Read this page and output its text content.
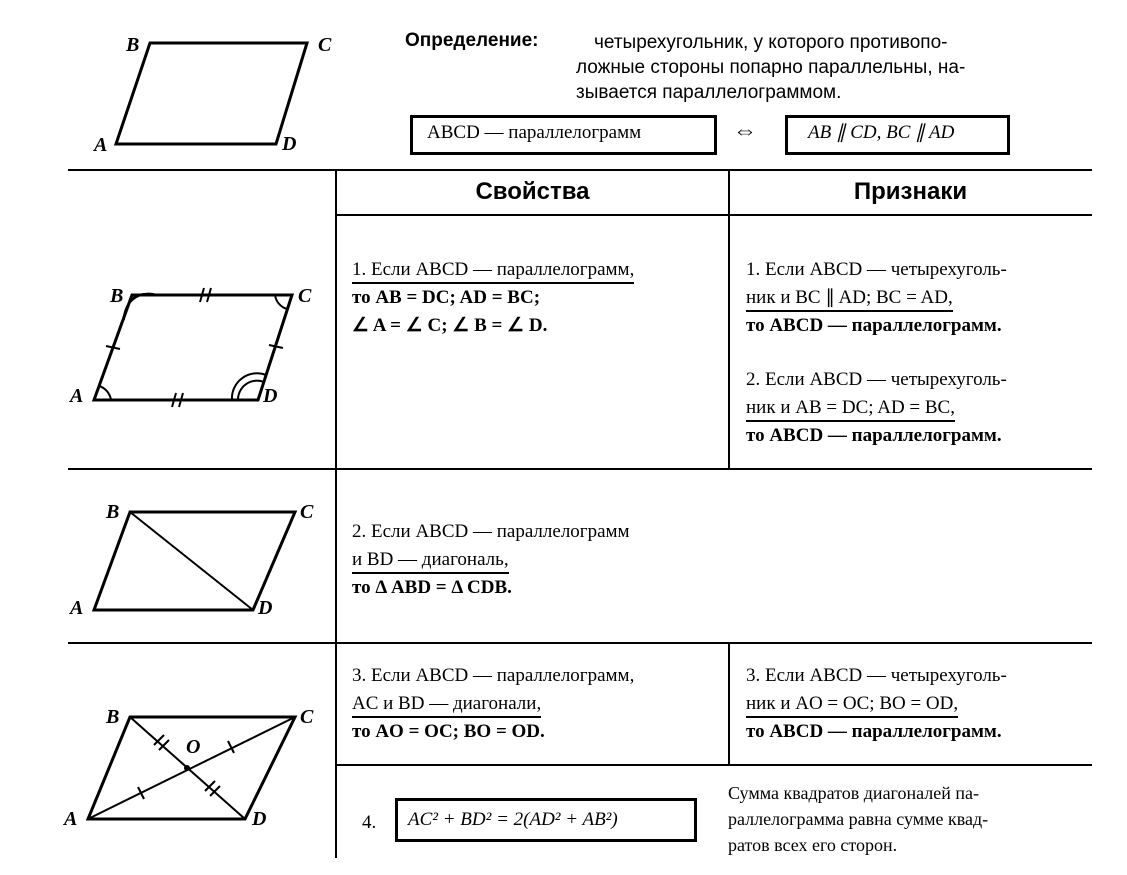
B	C
A	D
Определение:	четырехугольник, у которого противопо-
ложные стороны попарно параллельны, на-
зывается параллелограммом.
ABCD — параллелограмм	⇔	AB ∥ CD, BC ∥ AD
Свойства	Признаки
B	C
A	D
1. Если ABCD — параллелограмм,
то AB = DC; AD = BC;
∠ A = ∠ C; ∠ B = ∠ D.
1. Если ABCD — четырехуголь-
ник и BC ∥ AD; BC = AD,
то ABCD — параллелограмм.
2. Если ABCD — четырехуголь-
ник и AB = DC; AD = BC,
то ABCD — параллелограмм.
B	C
A	D
2. Если ABCD — параллелограмм
и BD — диагональ,
то Δ ABD = Δ CDB.
B	C
A	D
O
3. Если ABCD — параллелограмм,
AC и BD — диагонали,
то AO = OC; BO = OD.
3. Если ABCD — четырехуголь-
ник и AO = OC; BO = OD,
то ABCD — параллелограмм.
4.	AC² + BD² = 2(AD² + AB²)
Сумма квадратов диагоналей па-
раллелограмма равна сумме квад-
ратов всех его сторон.
